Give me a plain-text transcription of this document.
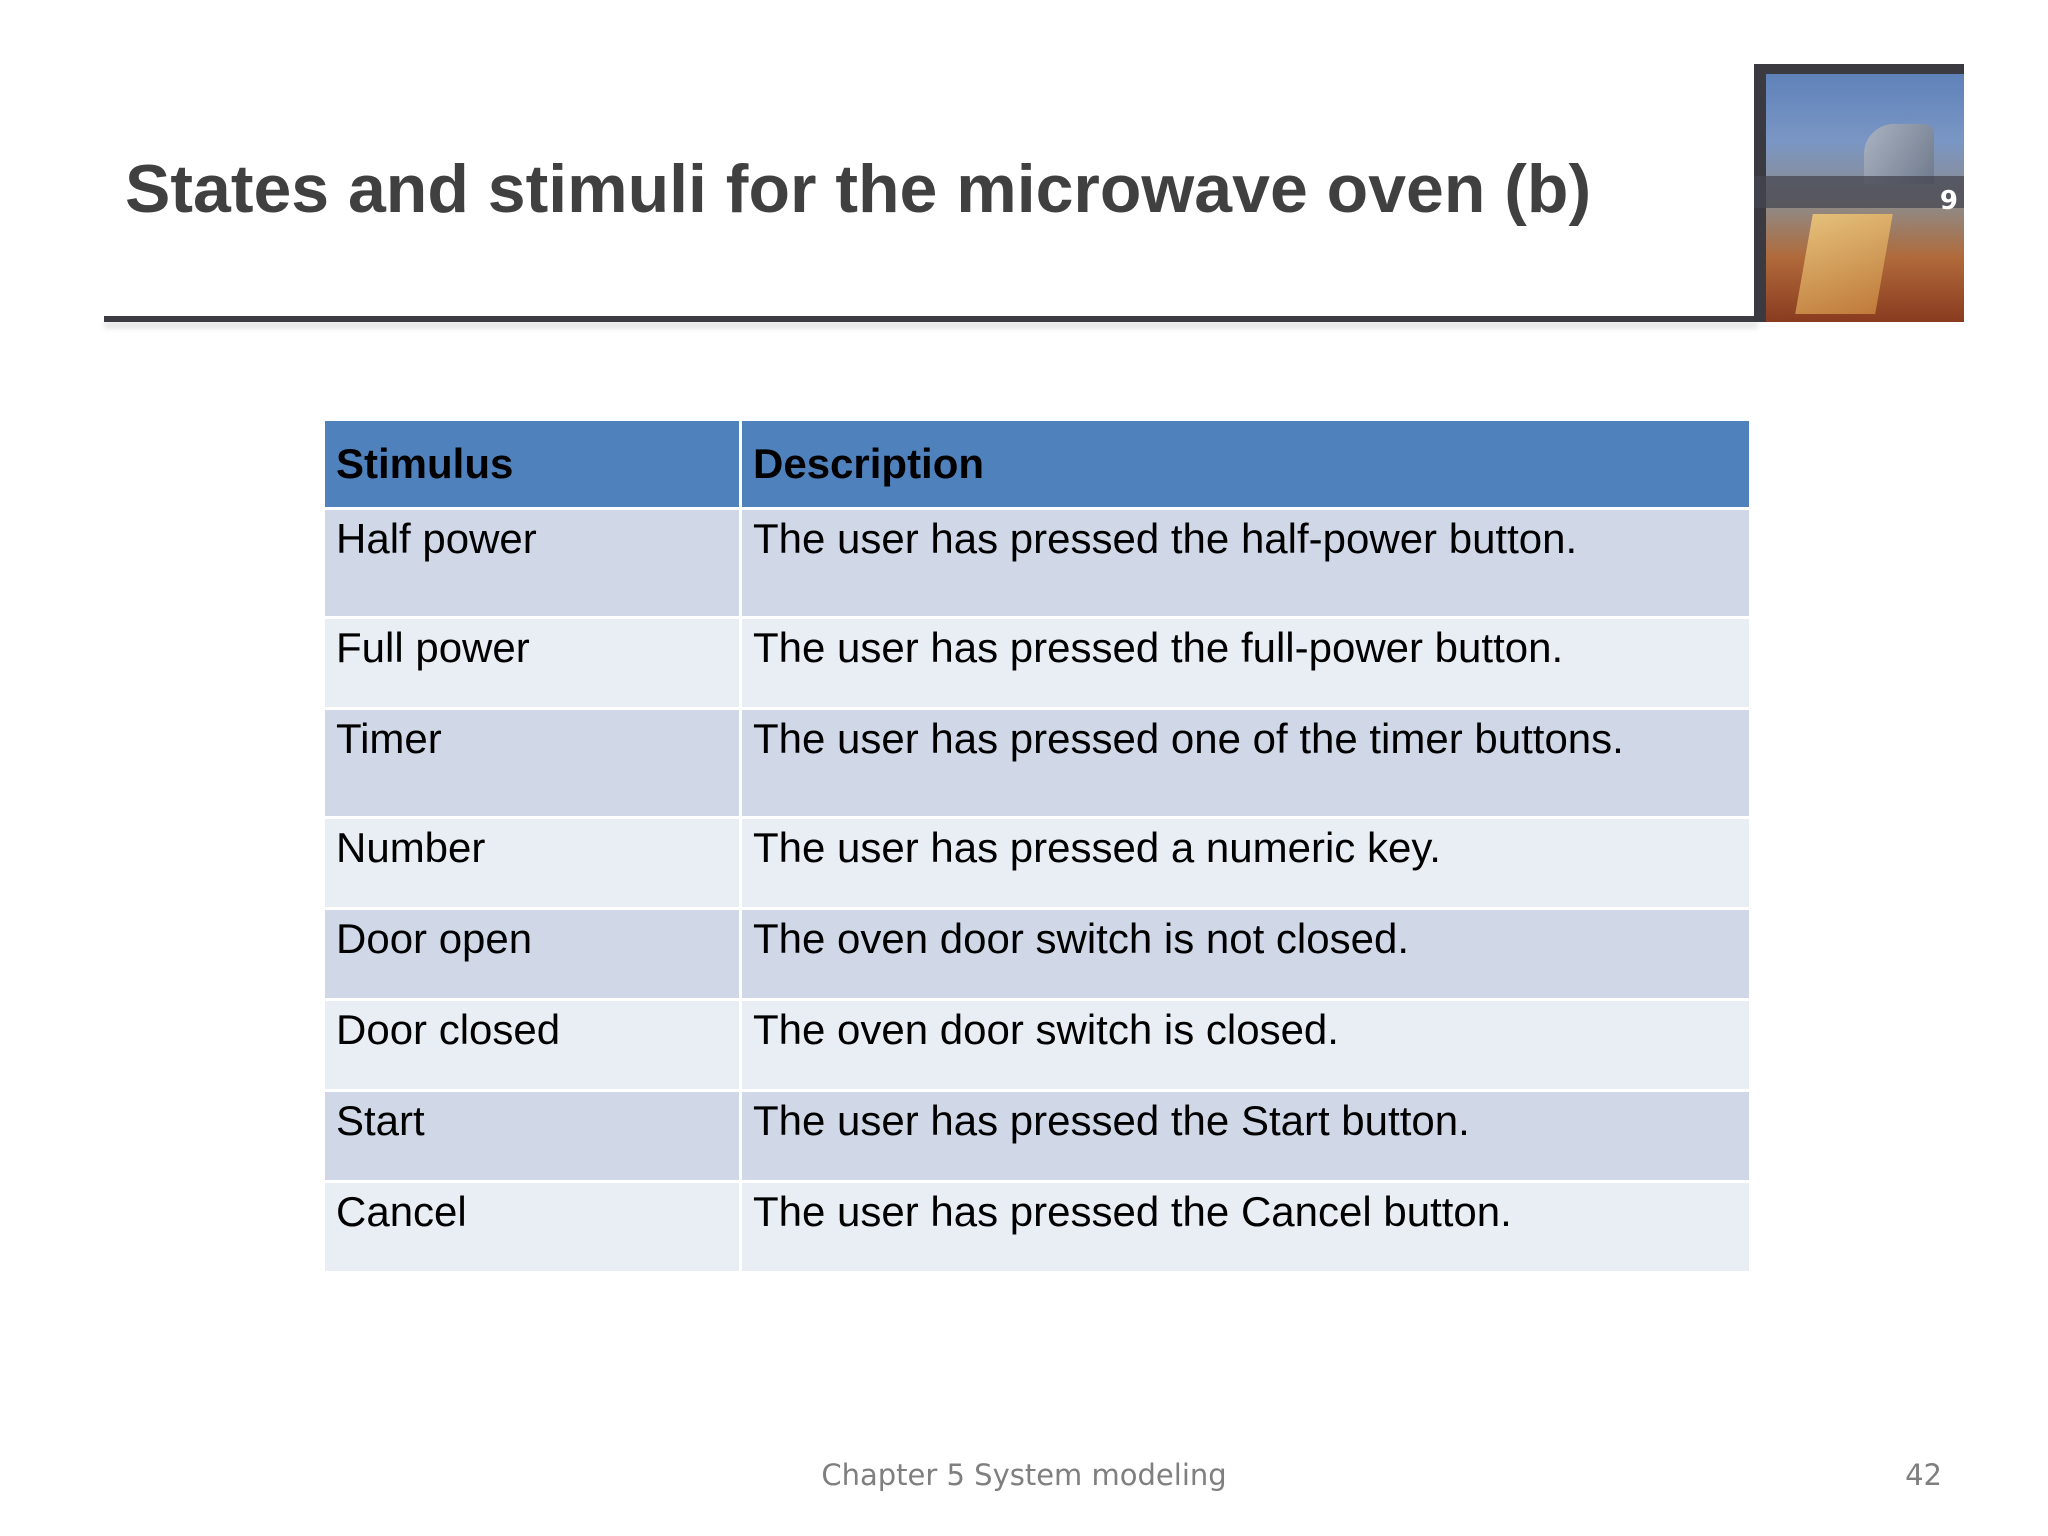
States and stimuli for the microwave oven (b)	9
Stimulus	Description
Half power	The user has pressed the half-power button.
Full power	The user has pressed the full-power button.
Timer	The user has pressed one of the timer buttons.
Number	The user has pressed a numeric key.
Door open	The oven door switch is not closed.
Door closed	The oven door switch is closed.
Start	The user has pressed the Start button.
Cancel	The user has pressed the Cancel button.
Chapter 5 System modeling	42
